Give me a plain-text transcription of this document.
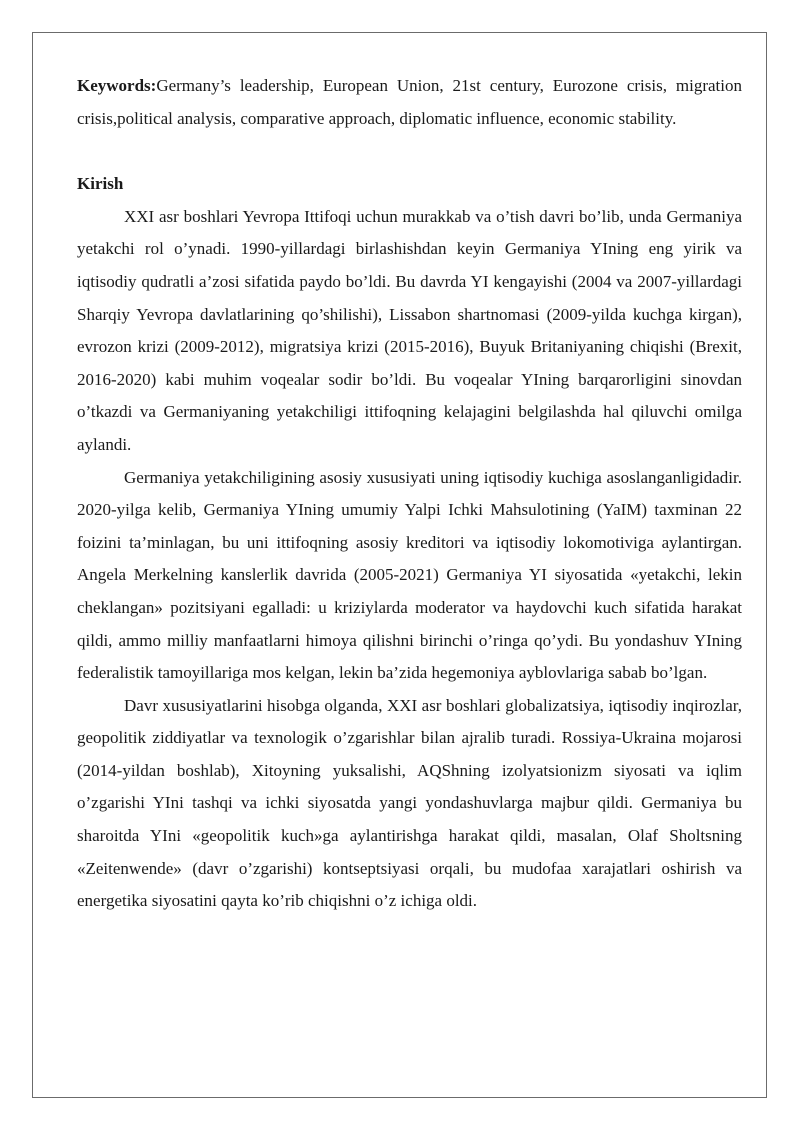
Keywords:Germany’s leadership, European Union, 21st century, Eurozone crisis, migration crisis,political analysis, comparative approach, diplomatic influence, economic stability.

Kirish

XXI asr boshlari Yevropa Ittifoqi uchun murakkab va o’tish davri bo’lib, unda Germaniya yetakchi rol o’ynadi. 1990-yillardagi birlashishdan keyin Germaniya YIning eng yirik va iqtisodiy qudratli a’zosi sifatida paydo bo’ldi. Bu davrda YI kengayishi (2004 va 2007-yillardagi Sharqiy Yevropa davlatlarining qo’shilishi), Lissabon shartnomasi (2009-yilda kuchga kirgan), evrozon krizi (2009-2012), migratsiya krizi (2015-2016), Buyuk Britaniyaning chiqishi (Brexit, 2016-2020) kabi muhim voqealar sodir bo’ldi. Bu voqealar YIning barqarorligini sinovdan o’tkazdi va Germaniyaning yetakchiligi ittifoqning kelajagini belgilashda hal qiluvchi omilga aylandi.

Germaniya yetakchiligining asosiy xususiyati uning iqtisodiy kuchiga asoslanganligidadir. 2020-yilga kelib, Germaniya YIning umumiy Yalpi Ichki Mahsulotining (YaIM) taxminan 22 foizini ta’minlagan, bu uni ittifoqning asosiy kreditori va iqtisodiy lokomotiviga aylantirgan. Angela Merkelning kanslerlik davrida (2005-2021) Germaniya YI siyosatida «yetakchi, lekin cheklangan» pozitsiyani egalladi: u kriziylarda moderator va haydovchi kuch sifatida harakat qildi, ammo milliy manfaatlarni himoya qilishni birinchi o’ringa qo’ydi. Bu yondashuv YIning federalistik tamoyillariga mos kelgan, lekin ba’zida hegemoniya ayblovlariga sabab bo’lgan.

Davr xususiyatlarini hisobga olganda, XXI asr boshlari globalizatsiya, iqtisodiy inqirozlar, geopolitik ziddiyatlar va texnologik o’zgarishlar bilan ajralib turadi. Rossiya-Ukraina mojarosi (2014-yildan boshlab), Xitoyning yuksalishi, AQShning izolyatsionizm siyosati va iqlim o’zgarishi YIni tashqi va ichki siyosatda yangi yondashuvlarga majbur qildi. Germaniya bu sharoitda YIni «geopolitik kuch»ga aylantirishga harakat qildi, masalan, Olaf Sholtsning «Zeitenwende» (davr o’zgarishi) kontseptsiyasi orqali, bu mudofaa xarajatlari oshirish va energetika siyosatini qayta ko’rib chiqishni o’z ichiga oldi.
